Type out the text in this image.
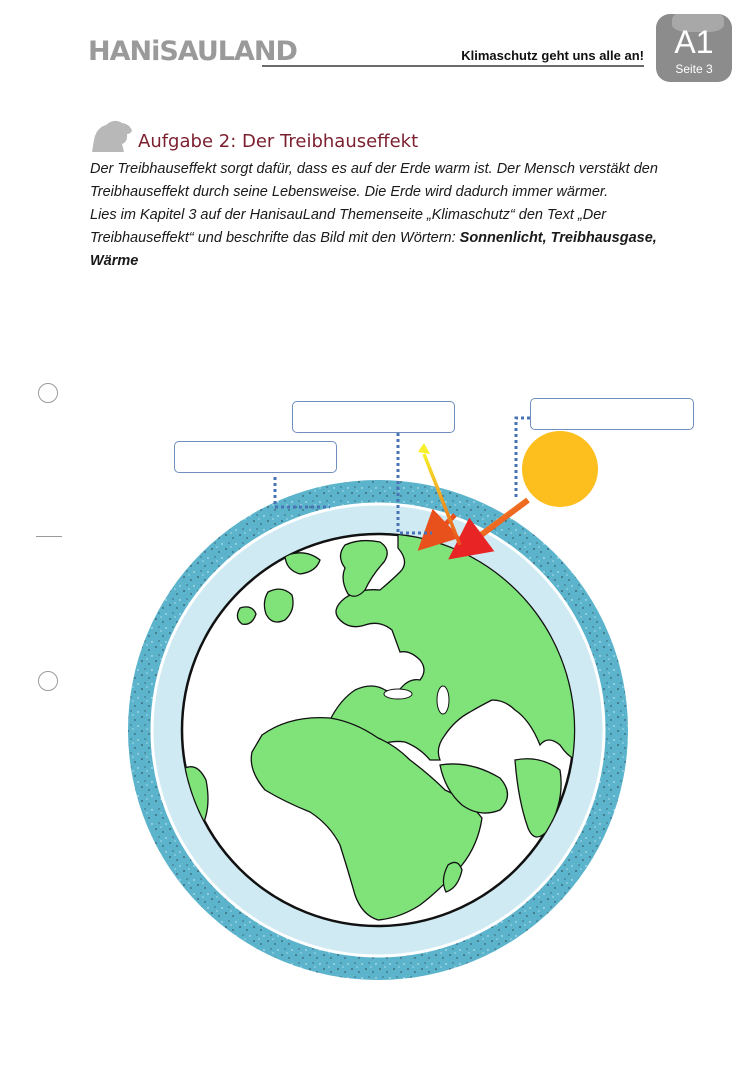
HANiSAULAND	Klimaschutz geht uns alle an! A1
Seite 3
Aufgabe 2: Der Treibhauseffekt

Der Treibhauseffekt sorgt dafür, dass es auf der Erde warm ist. Der Mensch verstäkt den Treibhauseffekt durch seine Lebensweise. Die Erde wird dadurch immer wärmer.

Lies im Kapitel 3 auf der HanisauLand Themenseite „Klimaschutz“ den Text „Der Treibhauseffekt“ und beschrifte das Bild mit den Wörtern: Sonnenlicht, Treibhausgase, Wärme
